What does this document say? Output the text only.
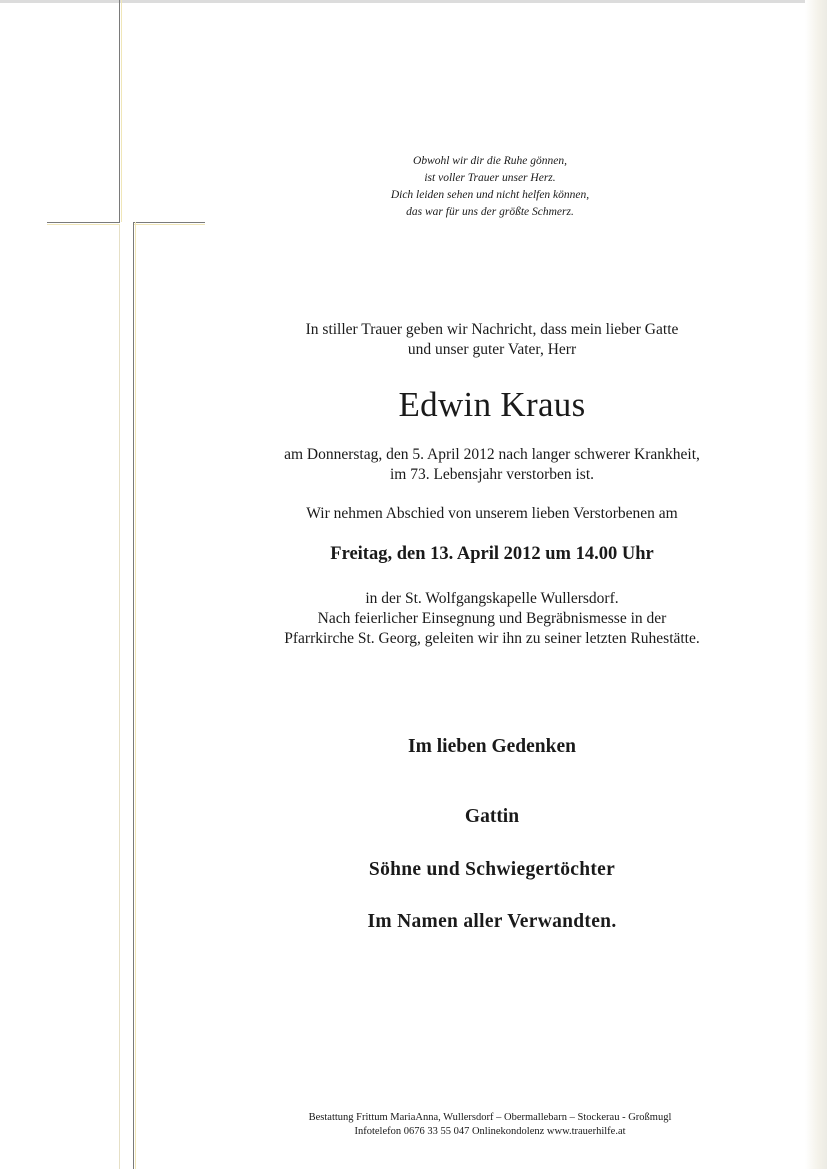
Obwohl wir dir die Ruhe gönnen,
ist voller Trauer unser Herz.
Dich leiden sehen und nicht helfen können,
das war für uns der größte Schmerz.
In stiller Trauer geben wir Nachricht, dass mein lieber Gatte
und unser guter Vater, Herr
Edwin Kraus
am Donnerstag, den 5. April 2012 nach langer schwerer Krankheit,
im 73. Lebensjahr verstorben ist.
Wir nehmen Abschied von unserem lieben Verstorbenen am
Freitag, den 13. April 2012 um 14.00 Uhr
in der St. Wolfgangskapelle Wullersdorf.
Nach feierlicher Einsegnung und Begräbnismesse in der
Pfarrkirche St. Georg, geleiten wir ihn zu seiner letzten Ruhestätte.
Im lieben Gedenken
Gattin
Söhne und Schwiegertöchter
Im Namen aller Verwandten.
Bestattung Frittum MariaAnna, Wullersdorf – Obermallebarn – Stockerau - Großmugl
Infotelefon 0676 33 55 047 Onlinekondolenz www.trauerhilfe.at
